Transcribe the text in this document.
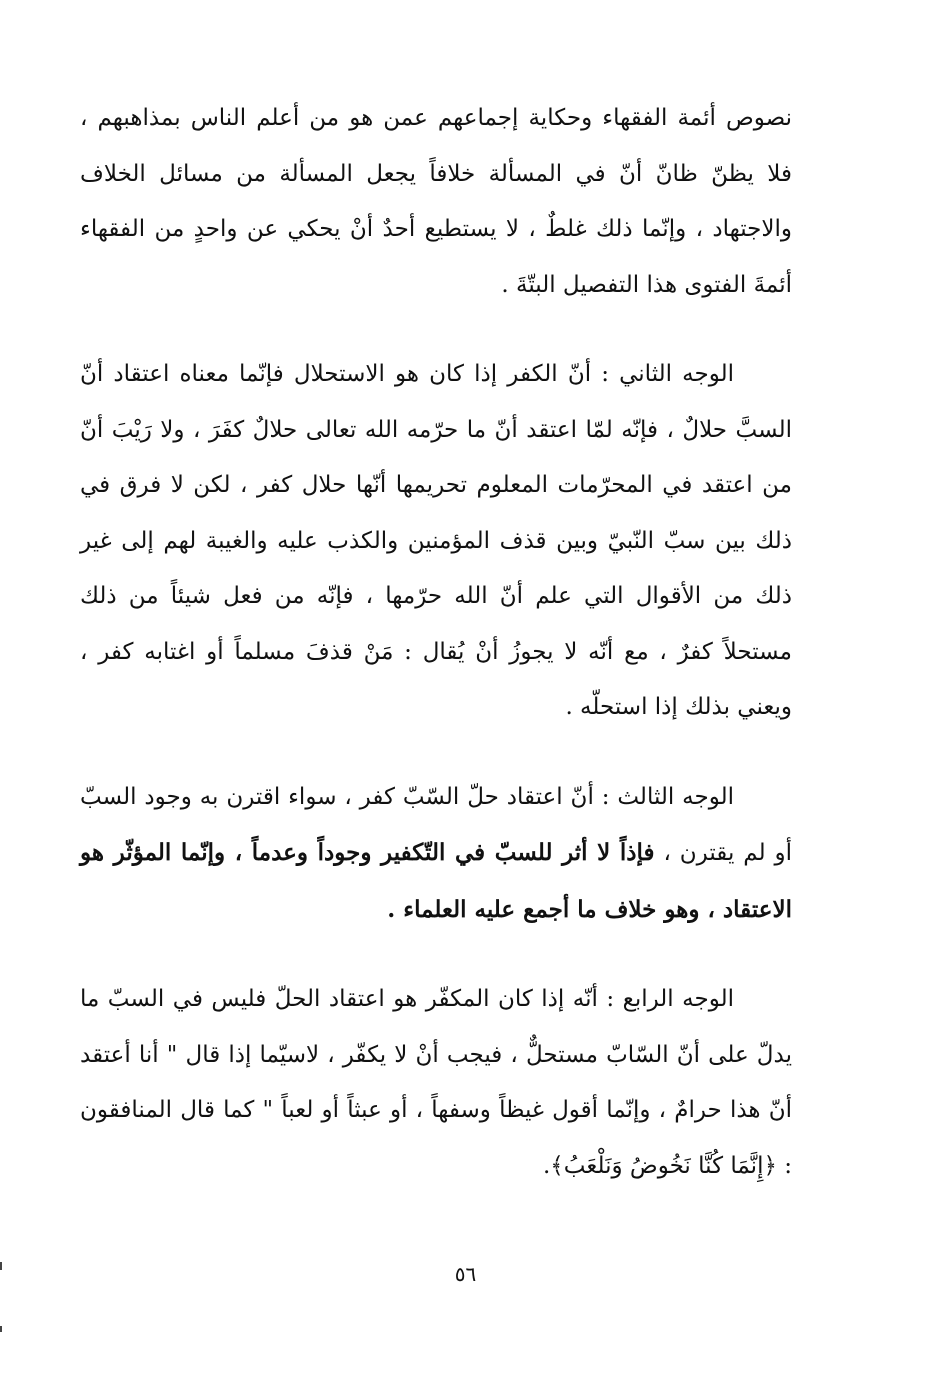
نصوص أئمة الفقهاء وحكاية إجماعهم عمن هو من أعلم الناس بمذاهبهم ، فلا يظنّ ظانّ أنّ في المسألة خلافاً يجعل المسألة من مسائل الخلاف والاجتهاد ، وإنّما ذلك غلطٌ ، لا يستطيع أحدٌ أنْ يحكي عن واحدٍ من الفقهاء أئمةَ الفتوى هذا التفصيل البتّةَ .

الوجه الثاني : أنّ الكفر إذا كان هو الاستحلال فإنّما معناه اعتقاد أنّ السبَّ حلالٌ ، فإنّه لمّا اعتقد أنّ ما حرّمه الله تعالى حلالٌ كفَرَ ، ولا رَيْبَ أنّ من اعتقد في المحرّمات المعلوم تحريمها أنّها حلال كفر ، لكن لا فرق في ذلك بين سبّ النّبيّ وبين قذف المؤمنين والكذب عليه والغيبة لهم إلى غير ذلك من الأقوال التي علم أنّ الله حرّمها ، فإنّه من فعل شيئاً من ذلك مستحلاً كفرٌ ، مع أنّه لا يجوزُ أنْ يُقال : مَنْ قذفَ مسلماً أو اغتابه كفر ، ويعني بذلك إذا استحلّه .

الوجه الثالث : أنّ اعتقاد حلّ السّبّ كفر ، سواء اقترن به وجود السبّ أو لم يقترن ، فإذاً لا أثر للسبّ في التّكفير وجوداً وعدماً ، وإنّما المؤثّر هو الاعتقاد ، وهو خلاف ما أجمع عليه العلماء .

الوجه الرابع : أنّه إذا كان المكفّر هو اعتقاد الحلّ فليس في السبّ ما يدلّ على أنّ السّابّ مستحلٌّ ، فيجب أنْ لا يكفّر ، لاسيّما إذا قال " أنا أعتقد أنّ هذا حرامٌ ، وإنّما أقول غيظاً وسفهاً ، أو عبثاً أو لعباً " كما قال المنافقون : ﴿إِنَّمَا كُنَّا نَخُوضُ وَنَلْعَبُ﴾.

٥٦
